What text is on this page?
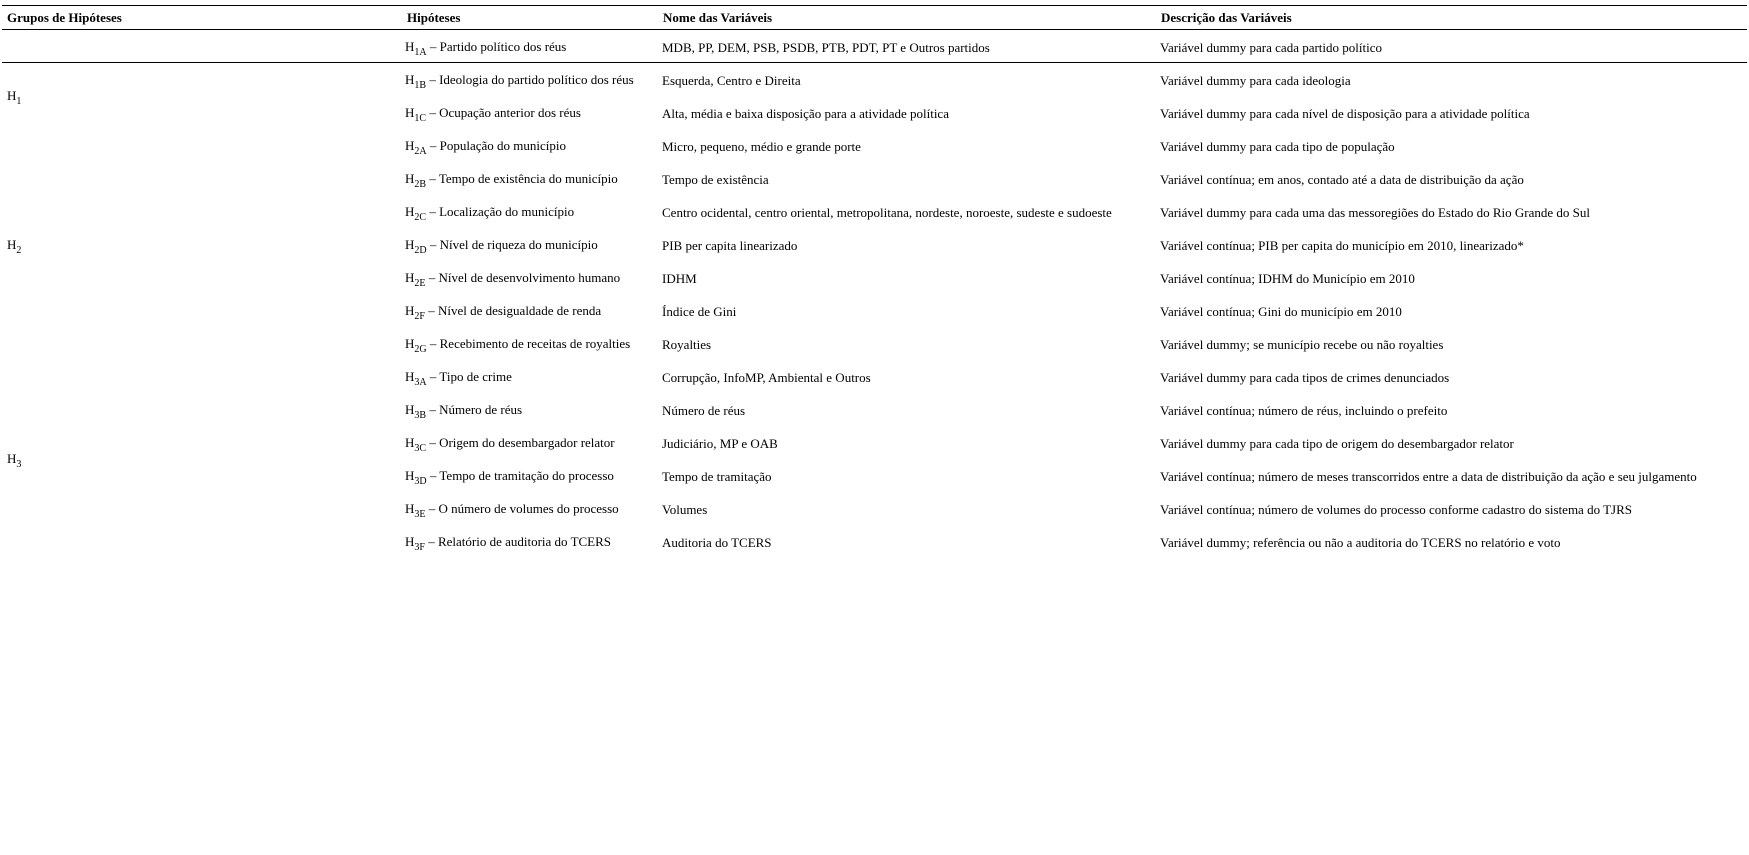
Grupos de Hipóteses	Hipóteses	Nome das Variáveis	Descrição das Variáveis
	$H_{1A}$ – Partido político dos réus	MDB, PP, DEM, PSB, PSDB, PTB, PDT, PT e Outros partidos	Variável dummy para cada partido político
$H_1$	$H_{1B}$ – Ideologia do partido político dos réus	Esquerda, Centro e Direita	Variável dummy para cada ideologia
	$H_{1C}$ – Ocupação anterior dos réus	Alta, média e baixa disposição para a atividade política	Variável dummy para cada nível de disposição para a atividade política
$H_2$	$H_{2A}$ – População do município	Micro, pequeno, médio e grande porte	Variável dummy para cada tipo de população
	$H_{2B}$ – Tempo de existência do município	Tempo de existência	Variável contínua; em anos, contado até a data de distribuição da ação
	$H_{2C}$ – Localização do município	Centro ocidental, centro oriental, metropolitana, nordeste, noroeste, sudeste e sudoeste	Variável dummy para cada uma das messoregiões do Estado do Rio Grande do Sul
	$H_{2D}$ – Nível de riqueza do município	PIB per capita linearizado	Variável contínua; PIB per capita do município em 2010, linearizado*
	$H_{2E}$ – Nível de desenvolvimento humano	IDHM	Variável contínua; IDHM do Município em 2010
	$H_{2F}$ – Nível de desigualdade de renda	Índice de Gini	Variável contínua; Gini do município em 2010
	$H_{2G}$ – Recebimento de receitas de royalties	Royalties	Variável dummy; se município recebe ou não royalties
$H_3$	$H_{3A}$ – Tipo de crime	Corrupção, InfoMP, Ambiental e Outros	Variável dummy para cada tipos de crimes denunciados
	$H_{3B}$ – Número de réus	Número de réus	Variável contínua; número de réus, incluindo o prefeito
	$H_{3C}$ – Origem do desembargador relator	Judiciário, MP e OAB	Variável dummy para cada tipo de origem do desembargador relator
	$H_{3D}$ – Tempo de tramitação do processo	Tempo de tramitação	Variável contínua; número de meses transcorridos entre a data de distribuição da ação e seu julgamento
	$H_{3E}$ – O número de volumes do processo	Volumes	Variável contínua; número de volumes do processo conforme cadastro do sistema do TJRS
	$H_{3F}$ – Relatório de auditoria do TCERS	Auditoria do TCERS	Variável dummy; referência ou não a auditoria do TCERS no relatório e voto
